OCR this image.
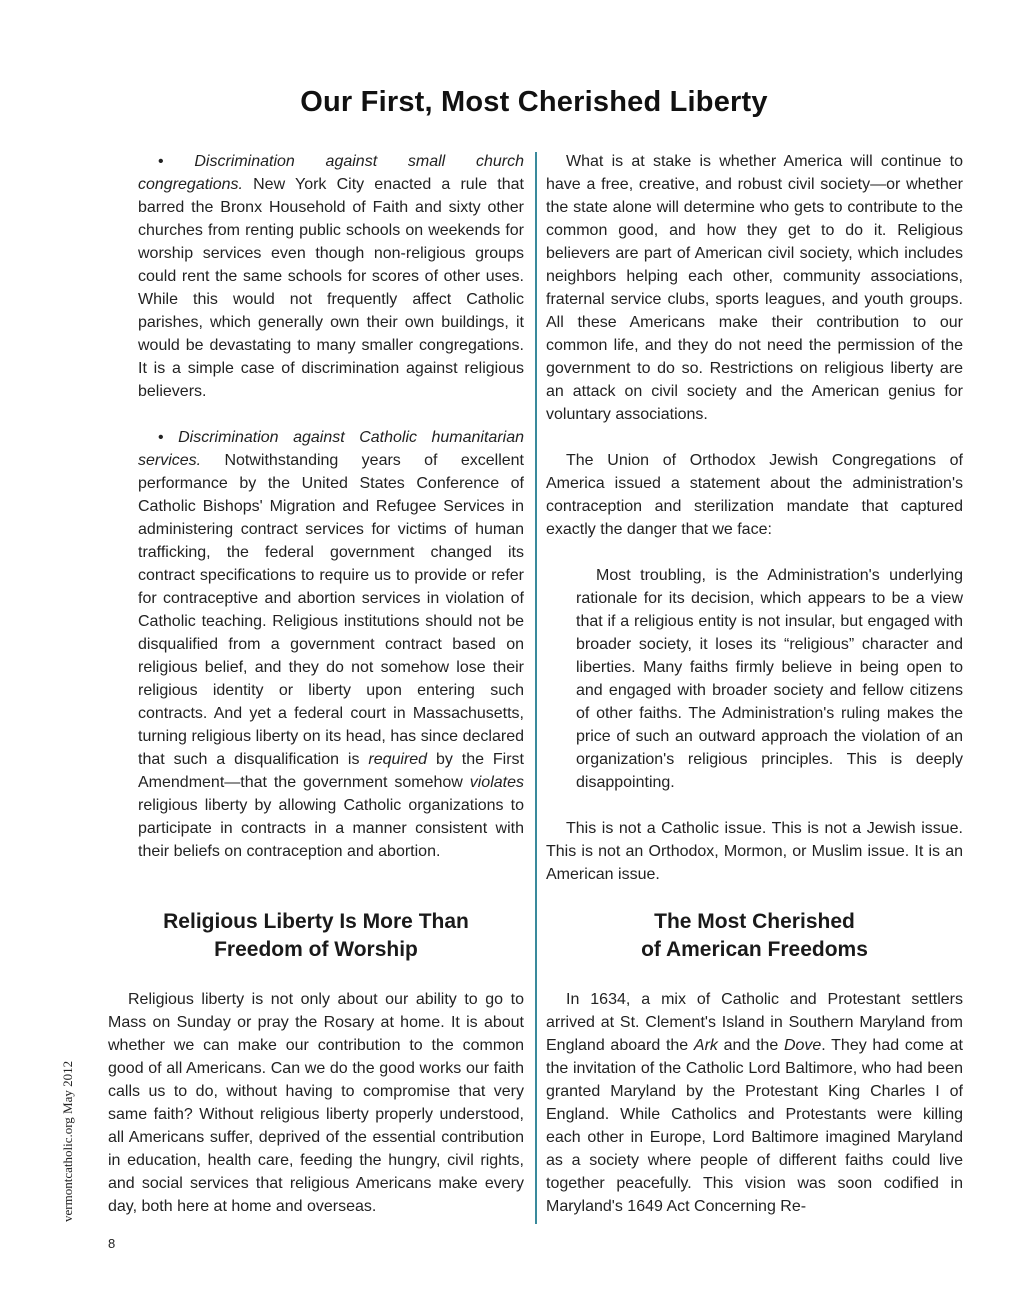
Our First, Most Cherished Liberty

• Discrimination against small church congregations. New York City enacted a rule that barred the Bronx Household of Faith and sixty other churches from renting public schools on weekends for worship services even though non-religious groups could rent the same schools for scores of other uses. While this would not frequently affect Catholic parishes, which generally own their own buildings, it would be devastating to many smaller congregations. It is a simple case of discrimination against religious believers.

• Discrimination against Catholic humanitarian services. Notwithstanding years of excellent performance by the United States Conference of Catholic Bishops' Migration and Refugee Services in administering contract services for victims of human trafficking, the federal government changed its contract specifications to require us to provide or refer for contraceptive and abortion services in violation of Catholic teaching. Religious institutions should not be disqualified from a government contract based on religious belief, and they do not somehow lose their religious identity or liberty upon entering such contracts. And yet a federal court in Massachusetts, turning religious liberty on its head, has since declared that such a disqualification is required by the First Amendment—that the government somehow violates religious liberty by allowing Catholic organizations to participate in contracts in a manner consistent with their beliefs on contraception and abortion.

Religious Liberty Is More Than
Freedom of Worship

Religious liberty is not only about our ability to go to Mass on Sunday or pray the Rosary at home. It is about whether we can make our contribution to the common good of all Americans. Can we do the good works our faith calls us to do, without having to compromise that very same faith? Without religious liberty properly understood, all Americans suffer, deprived of the essential contribution in education, health care, feeding the hungry, civil rights, and social services that religious Americans make every day, both here at home and overseas.

What is at stake is whether America will continue to have a free, creative, and robust civil society—or whether the state alone will determine who gets to contribute to the common good, and how they get to do it. Religious believers are part of American civil society, which includes neighbors helping each other, community associations, fraternal service clubs, sports leagues, and youth groups. All these Americans make their contribution to our common life, and they do not need the permission of the government to do so. Restrictions on religious liberty are an attack on civil society and the American genius for voluntary associations.

The Union of Orthodox Jewish Congregations of America issued a statement about the administration's contraception and sterilization mandate that captured exactly the danger that we face:

Most troubling, is the Administration's underlying rationale for its decision, which appears to be a view that if a religious entity is not insular, but engaged with broader society, it loses its “religious” character and liberties. Many faiths firmly believe in being open to and engaged with broader society and fellow citizens of other faiths. The Administration's ruling makes the price of such an outward approach the violation of an organization's religious principles. This is deeply disappointing.

This is not a Catholic issue. This is not a Jewish issue. This is not an Orthodox, Mormon, or Muslim issue. It is an American issue.

The Most Cherished
of American Freedoms

In 1634, a mix of Catholic and Protestant settlers arrived at St. Clement's Island in Southern Maryland from England aboard the Ark and the Dove. They had come at the invitation of the Catholic Lord Baltimore, who had been granted Maryland by the Protestant King Charles I of England. While Catholics and Protestants were killing each other in Europe, Lord Baltimore imagined Maryland as a society where people of different faiths could live together peacefully. This vision was soon codified in Maryland's 1649 Act Concerning Re-

vermontcatholic.org May 2012
8
